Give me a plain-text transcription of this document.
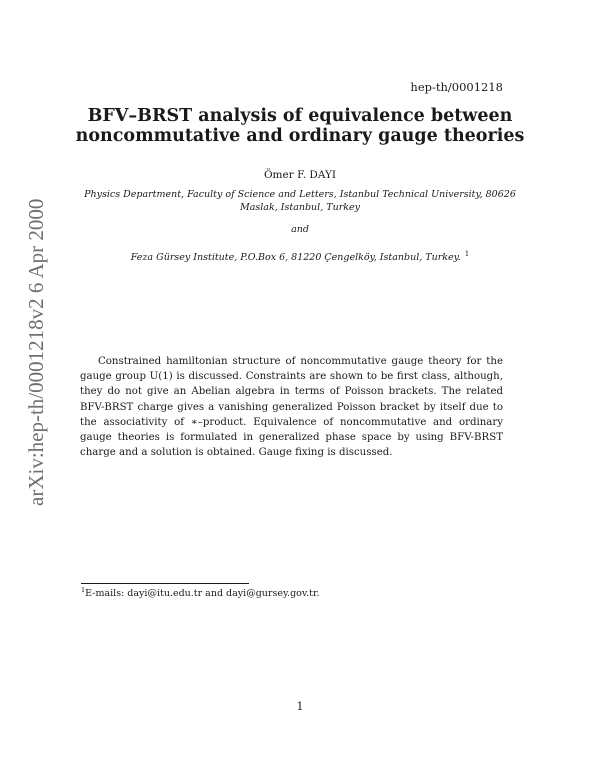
arXiv:hep-th/0001218v2 6 Apr 2000
hep-th/0001218
BFV–BRST analysis of equivalence between
noncommutative and ordinary gauge theories
Ömer F. DAYI
Physics Department, Faculty of Science and Letters, Istanbul Technical University, 80626 Maslak, Istanbul, Turkey
and
Feza Gürsey Institute, P.O.Box 6, 81220 Çengelköy, Istanbul, Turkey. $^1$

Constrained hamiltonian structure of noncommutative gauge theory for the gauge group U(1) is discussed. Constraints are shown to be first class, although, they do not give an Abelian algebra in terms of Poisson brackets. The related BFV-BRST charge gives a vanishing generalized Poisson bracket by itself due to the associativity of ∗–product. Equivalence of noncommutative and ordinary gauge theories is formulated in generalized phase space by using BFV-BRST charge and a solution is obtained. Gauge fixing is discussed.

$^1$E-mails: dayi@itu.edu.tr and dayi@gursey.gov.tr.
1
